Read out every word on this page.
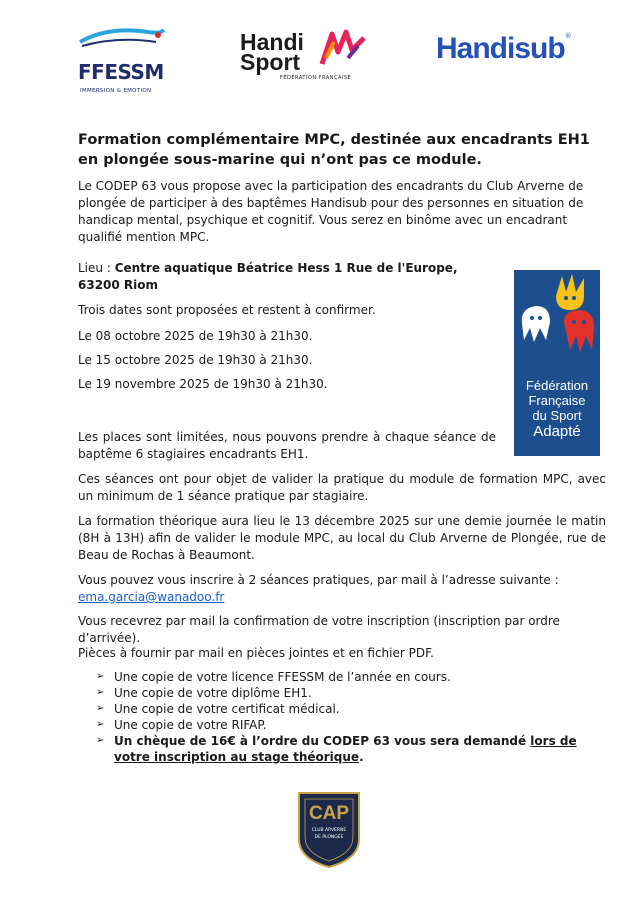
FFESSM
IMMERSION & EMOTION
Handi
Sport
FÉDÉRATION FRANÇAISE
Handisub®
Formation complémentaire MPC, destinée aux encadrants EH1 en plongée sous-marine qui n’ont pas ce module.

Le CODEP 63 vous propose avec la participation des encadrants du Club Arverne de plongée de participer à des baptêmes Handisub pour des personnes en situation de handicap mental, psychique et cognitif. Vous serez en binôme avec un encadrant qualifié mention MPC.

Lieu : Centre aquatique Béatrice Hess 1 Rue de l'Europe, 63200 Riom

Trois dates sont proposées et restent à confirmer.

Le 08 octobre 2025 de 19h30 à 21h30.

Le 15 octobre 2025 de 19h30 à 21h30.

Le 19 novembre 2025 de 19h30 à 21h30.	Fédération
Française
du Sport
Adapté

Les places sont limitées, nous pouvons prendre à chaque séance de baptême 6 stagiaires encadrants EH1.

Ces séances ont pour objet de valider la pratique du module de formation MPC, avec un minimum de 1 séance pratique par stagiaire.

La formation théorique aura lieu le 13 décembre 2025 sur une demie journée le matin (8H à 13H) afin de valider le module MPC, au local du Club Arverne de Plongée, rue de Beau de Rochas à Beaumont.

Vous pouvez vous inscrire à 2 séances pratiques, par mail à l’adresse suivante :

ema.garcia@wanadoo.fr

Vous recevrez par mail la confirmation de votre inscription (inscription par ordre d’arrivée).

Pièces à fournir par mail en pièces jointes et en fichier PDF.

➢ Une copie de votre licence FFESSM de l’année en cours.
➢ Une copie de votre diplôme EH1.
➢ Une copie de votre certificat médical.
➢ Une copie de votre RIFAP.
➢ Un chèque de 16€ à l’ordre du CODEP 63 vous sera demandé lors de votre inscription au stage théorique.
CAP
CLUB ARVERNE
DE PLONGÉE
